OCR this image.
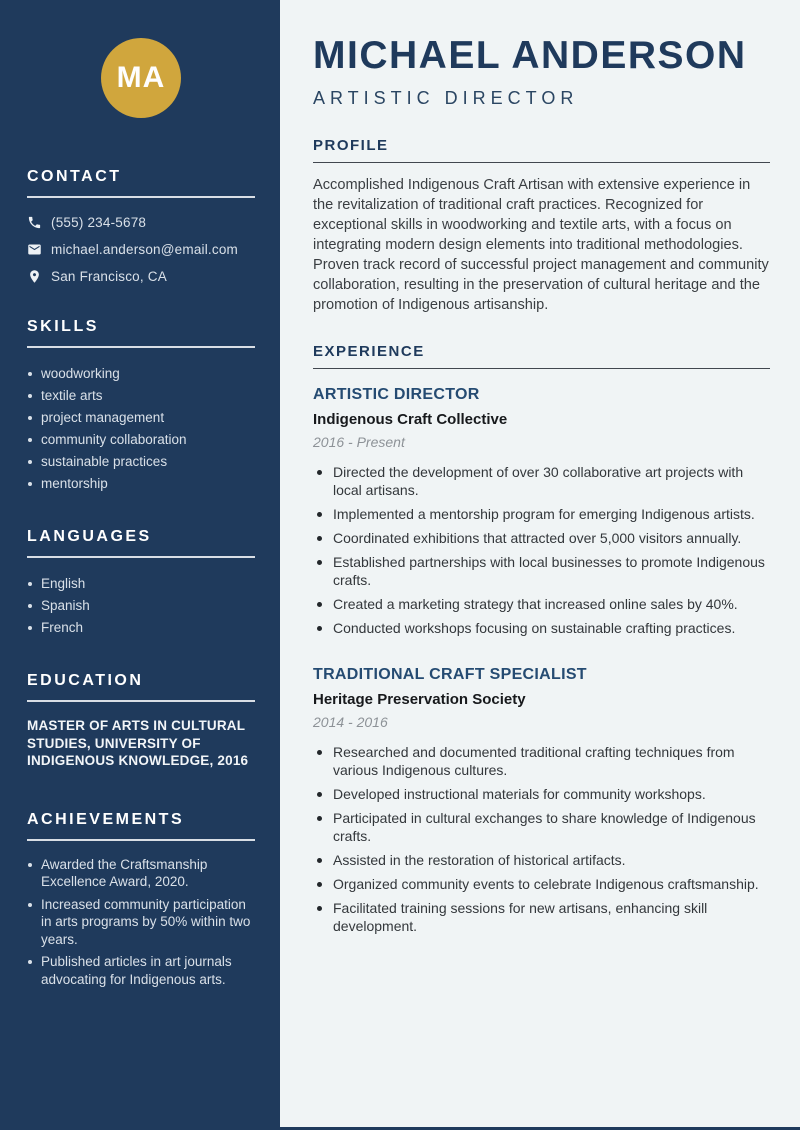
MA
CONTACT
(555) 234-5678
michael.anderson@email.com
San Francisco, CA
SKILLS
woodworking
textile arts
project management
community collaboration
sustainable practices
mentorship
LANGUAGES
English
Spanish
French
EDUCATION

MASTER OF ARTS IN CULTURAL STUDIES, UNIVERSITY OF INDIGENOUS KNOWLEDGE, 2016

ACHIEVEMENTS
Awarded the Craftsmanship Excellence Award, 2020.
Increased community participation in arts programs by 50% within two years.
Published articles in art journals advocating for Indigenous arts.
MICHAEL ANDERSON
ARTISTIC DIRECTOR
PROFILE

Accomplished Indigenous Craft Artisan with extensive experience in the revitalization of traditional craft practices. Recognized for exceptional skills in woodworking and textile arts, with a focus on integrating modern design elements into traditional methodologies. Proven track record of successful project management and community collaboration, resulting in the preservation of cultural heritage and the promotion of Indigenous artisanship.

EXPERIENCE
ARTISTIC DIRECTOR
Indigenous Craft Collective
2016 - Present
Directed the development of over 30 collaborative art projects with local artisans.
Implemented a mentorship program for emerging Indigenous artists.
Coordinated exhibitions that attracted over 5,000 visitors annually.
Established partnerships with local businesses to promote Indigenous crafts.
Created a marketing strategy that increased online sales by 40%.
Conducted workshops focusing on sustainable crafting practices.
TRADITIONAL CRAFT SPECIALIST
Heritage Preservation Society
2014 - 2016
Researched and documented traditional crafting techniques from various Indigenous cultures.
Developed instructional materials for community workshops.
Participated in cultural exchanges to share knowledge of Indigenous crafts.
Assisted in the restoration of historical artifacts.
Organized community events to celebrate Indigenous craftsmanship.
Facilitated training sessions for new artisans, enhancing skill development.
